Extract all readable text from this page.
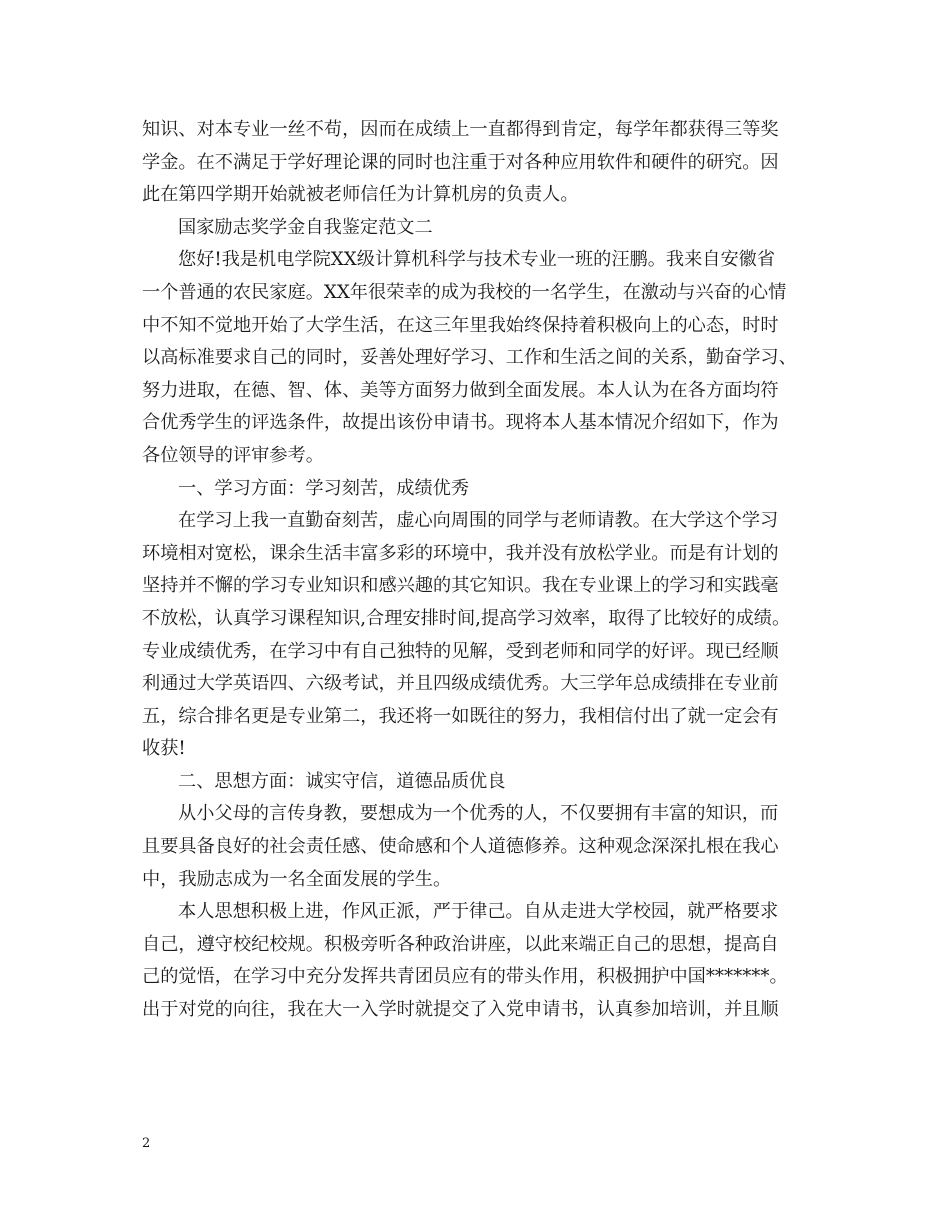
知识、对本专业一丝不苟，因而在成绩上一直都得到肯定，每学年都获得三等奖
学金。在不满足于学好理论课的同时也注重于对各种应用软件和硬件的研究。因
此在第四学期开始就被老师信任为计算机房的负责人。
国家励志奖学金自我鉴定范文二
您好!我是机电学院XX级计算机科学与技术专业一班的汪鹏。我来自安徽省
一个普通的农民家庭。XX年很荣幸的成为我校的一名学生，在激动与兴奋的心情
中不知不觉地开始了大学生活，在这三年里我始终保持着积极向上的心态，时时
以高标准要求自己的同时，妥善处理好学习、工作和生活之间的关系，勤奋学习、
努力进取，在德、智、体、美等方面努力做到全面发展。本人认为在各方面均符
合优秀学生的评选条件，故提出该份申请书。现将本人基本情况介绍如下，作为
各位领导的评审参考。
一、学习方面：学习刻苦，成绩优秀
在学习上我一直勤奋刻苦，虚心向周围的同学与老师请教。在大学这个学习
环境相对宽松，课余生活丰富多彩的环境中，我并没有放松学业。而是有计划的
坚持并不懈的学习专业知识和感兴趣的其它知识。我在专业课上的学习和实践毫
不放松，认真学习课程知识,合理安排时间,提高学习效率，取得了比较好的成绩。
专业成绩优秀，在学习中有自己独特的见解，受到老师和同学的好评。现已经顺
利通过大学英语四、六级考试，并且四级成绩优秀。大三学年总成绩排在专业前
五，综合排名更是专业第二，我还将一如既往的努力，我相信付出了就一定会有
收获!
二、思想方面：诚实守信，道德品质优良
从小父母的言传身教，要想成为一个优秀的人，不仅要拥有丰富的知识，而
且要具备良好的社会责任感、使命感和个人道德修养。这种观念深深扎根在我心
中，我励志成为一名全面发展的学生。
本人思想积极上进，作风正派，严于律己。自从走进大学校园，就严格要求
自己，遵守校纪校规。积极旁听各种政治讲座，以此来端正自己的思想，提高自
己的觉悟，在学习中充分发挥共青团员应有的带头作用，积极拥护中国*******。
出于对党的向往，我在大一入学时就提交了入党申请书，认真参加培训，并且顺
2
